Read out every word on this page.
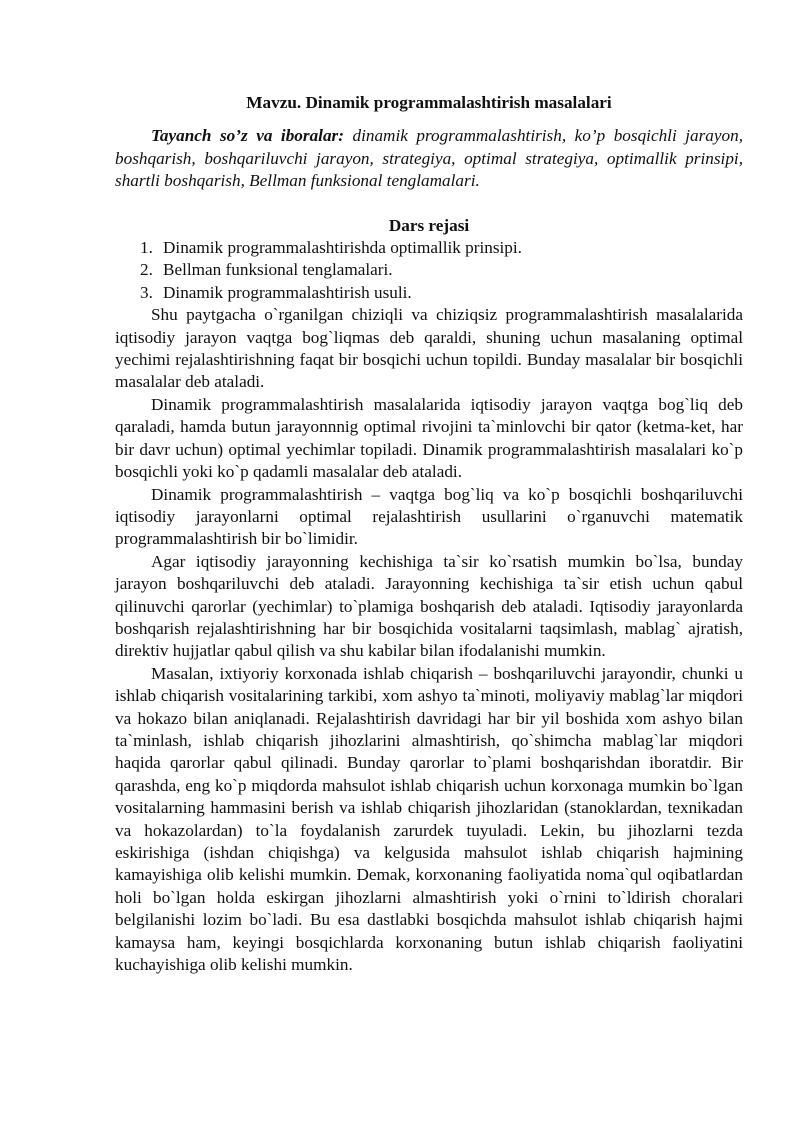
Mavzu. Dinamik programmalashtirish masalalari

Tayanch so’z va iboralar: dinamik programmalashtirish, ko’p bosqichli jarayon, boshqarish, boshqariluvchi jarayon, strategiya, optimal strategiya, optimallik prinsipi, shartli boshqarish, Bellman funksional tenglamalari.

Dars rejasi
1. Dinamik programmalashtirishda optimallik prinsipi.
2. Bellman funksional tenglamalari.
3. Dinamik programmalashtirish usuli.

Shu paytgacha o`rganilgan chiziqli va chiziqsiz programmalashtirish masalalarida iqtisodiy jarayon vaqtga bog`liqmas deb qaraldi, shuning uchun masalaning optimal yechimi rejalashtirishning faqat bir bosqichi uchun topildi. Bunday masalalar bir bosqichli masalalar deb ataladi.

Dinamik programmalashtirish masalalarida iqtisodiy jarayon vaqtga bog`liq deb qaraladi, hamda butun jarayonnnig optimal rivojini ta`minlovchi bir qator (ketma-ket, har bir davr uchun) optimal yechimlar topiladi. Dinamik programmalashtirish masalalari ko`p bosqichli yoki ko`p qadamli masalalar deb ataladi.

Dinamik programmalashtirish – vaqtga bog`liq va ko`p bosqichli boshqariluvchi iqtisodiy jarayonlarni optimal rejalashtirish usullarini o`rganuvchi matematik programmalashtirish bir bo`limidir.

Agar iqtisodiy jarayonning kechishiga ta`sir ko`rsatish mumkin bo`lsa, bunday jarayon boshqariluvchi deb ataladi. Jarayonning kechishiga ta`sir etish uchun qabul qilinuvchi qarorlar (yechimlar) to`plamiga boshqarish deb ataladi. Iqtisodiy jarayonlarda boshqarish rejalashtirishning har bir bosqichida vositalarni taqsimlash, mablag` ajratish, direktiv hujjatlar qabul qilish va shu kabilar bilan ifodalanishi mumkin.

Masalan, ixtiyoriy korxonada ishlab chiqarish – boshqariluvchi jarayondir, chunki u ishlab chiqarish vositalarining tarkibi, xom ashyo ta`minoti, moliyaviy mablag`lar miqdori va hokazo bilan aniqlanadi. Rejalashtirish davridagi har bir yil boshida xom ashyo bilan ta`minlash, ishlab chiqarish jihozlarini almashtirish, qo`shimcha mablag`lar miqdori haqida qarorlar qabul qilinadi. Bunday qarorlar to`plami boshqarishdan iboratdir. Bir qarashda, eng ko`p miqdorda mahsulot ishlab chiqarish uchun korxonaga mumkin bo`lgan vositalarning hammasini berish va ishlab chiqarish jihozlaridan (stanoklardan, texnikadan va hokazolardan) to`la foydalanish zarurdek tuyuladi. Lekin, bu jihozlarni tezda eskirishiga (ishdan chiqishga) va kelgusida mahsulot ishlab chiqarish hajmining kamayishiga olib kelishi mumkin. Demak, korxonaning faoliyatida noma`qul oqibatlardan holi bo`lgan holda eskirgan jihozlarni almashtirish yoki o`rnini to`ldirish choralari belgilanishi lozim bo`ladi. Bu esa dastlabki bosqichda mahsulot ishlab chiqarish hajmi kamaysa ham, keyingi bosqichlarda korxonaning butun ishlab chiqarish faoliyatini kuchayishiga olib kelishi mumkin.
